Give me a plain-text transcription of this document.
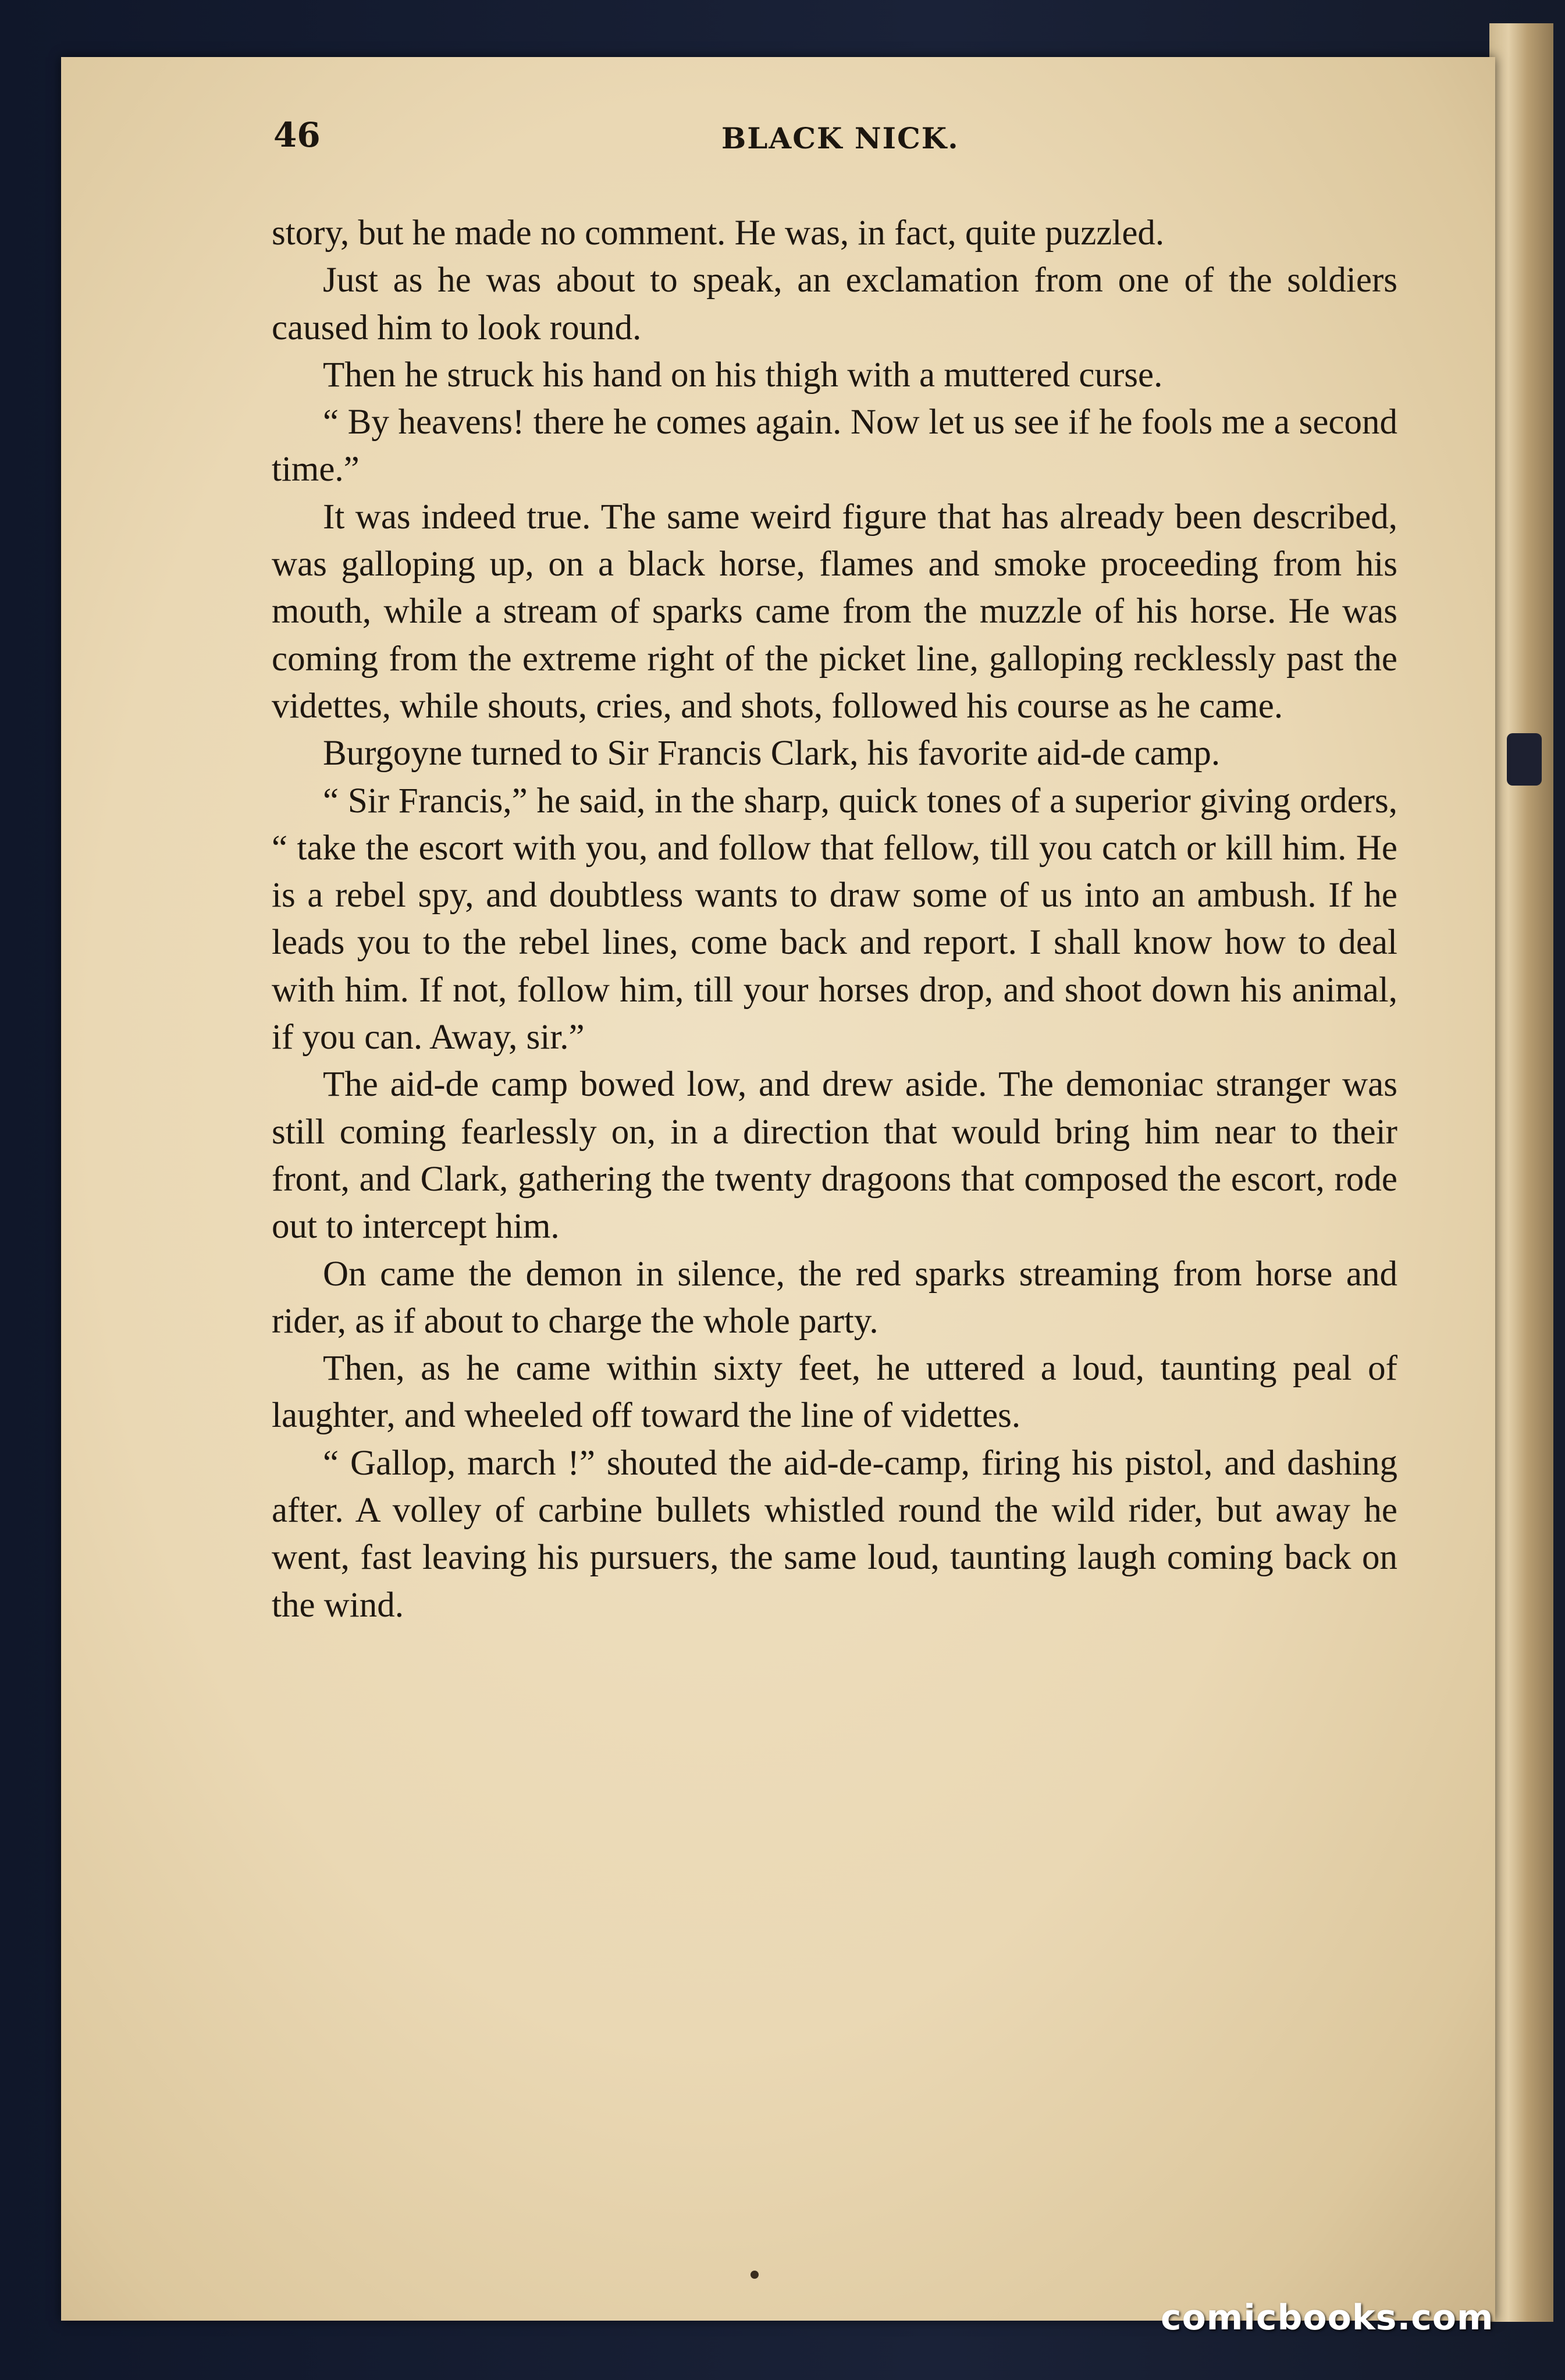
46	BLACK NICK.

story, but he made no comment. He was, in fact, quite puzzled.

Just as he was about to speak, an exclamation from one of the soldiers caused him to look round.

Then he struck his hand on his thigh with a muttered curse.

“ By heavens! there he comes again. Now let us see if he fools me a second time.”

It was indeed true. The same weird figure that has already been described, was galloping up, on a black horse, flames and smoke proceeding from his mouth, while a stream of sparks came from the muzzle of his horse. He was coming from the extreme right of the picket line, galloping recklessly past the videttes, while shouts, cries, and shots, followed his course as he came.

Burgoyne turned to Sir Francis Clark, his favorite aid-de camp.

“ Sir Francis,” he said, in the sharp, quick tones of a superior giving orders, “ take the escort with you, and follow that fellow, till you catch or kill him. He is a rebel spy, and doubtless wants to draw some of us into an ambush. If he leads you to the rebel lines, come back and report. I shall know how to deal with him. If not, follow him, till your horses drop, and shoot down his animal, if you can. Away, sir.”

The aid-de camp bowed low, and drew aside. The demoniac stranger was still coming fearlessly on, in a direction that would bring him near to their front, and Clark, gathering the twenty dragoons that composed the escort, rode out to intercept him.

On came the demon in silence, the red sparks streaming from horse and rider, as if about to charge the whole party.

Then, as he came within sixty feet, he uttered a loud, taunting peal of laughter, and wheeled off toward the line of videttes.

“ Gallop, march !” shouted the aid-de-camp, firing his pistol, and dashing after. A volley of carbine bullets whistled round the wild rider, but away he went, fast leaving his pursuers, the same loud, taunting laugh coming back on the wind.

comicbooks.com
